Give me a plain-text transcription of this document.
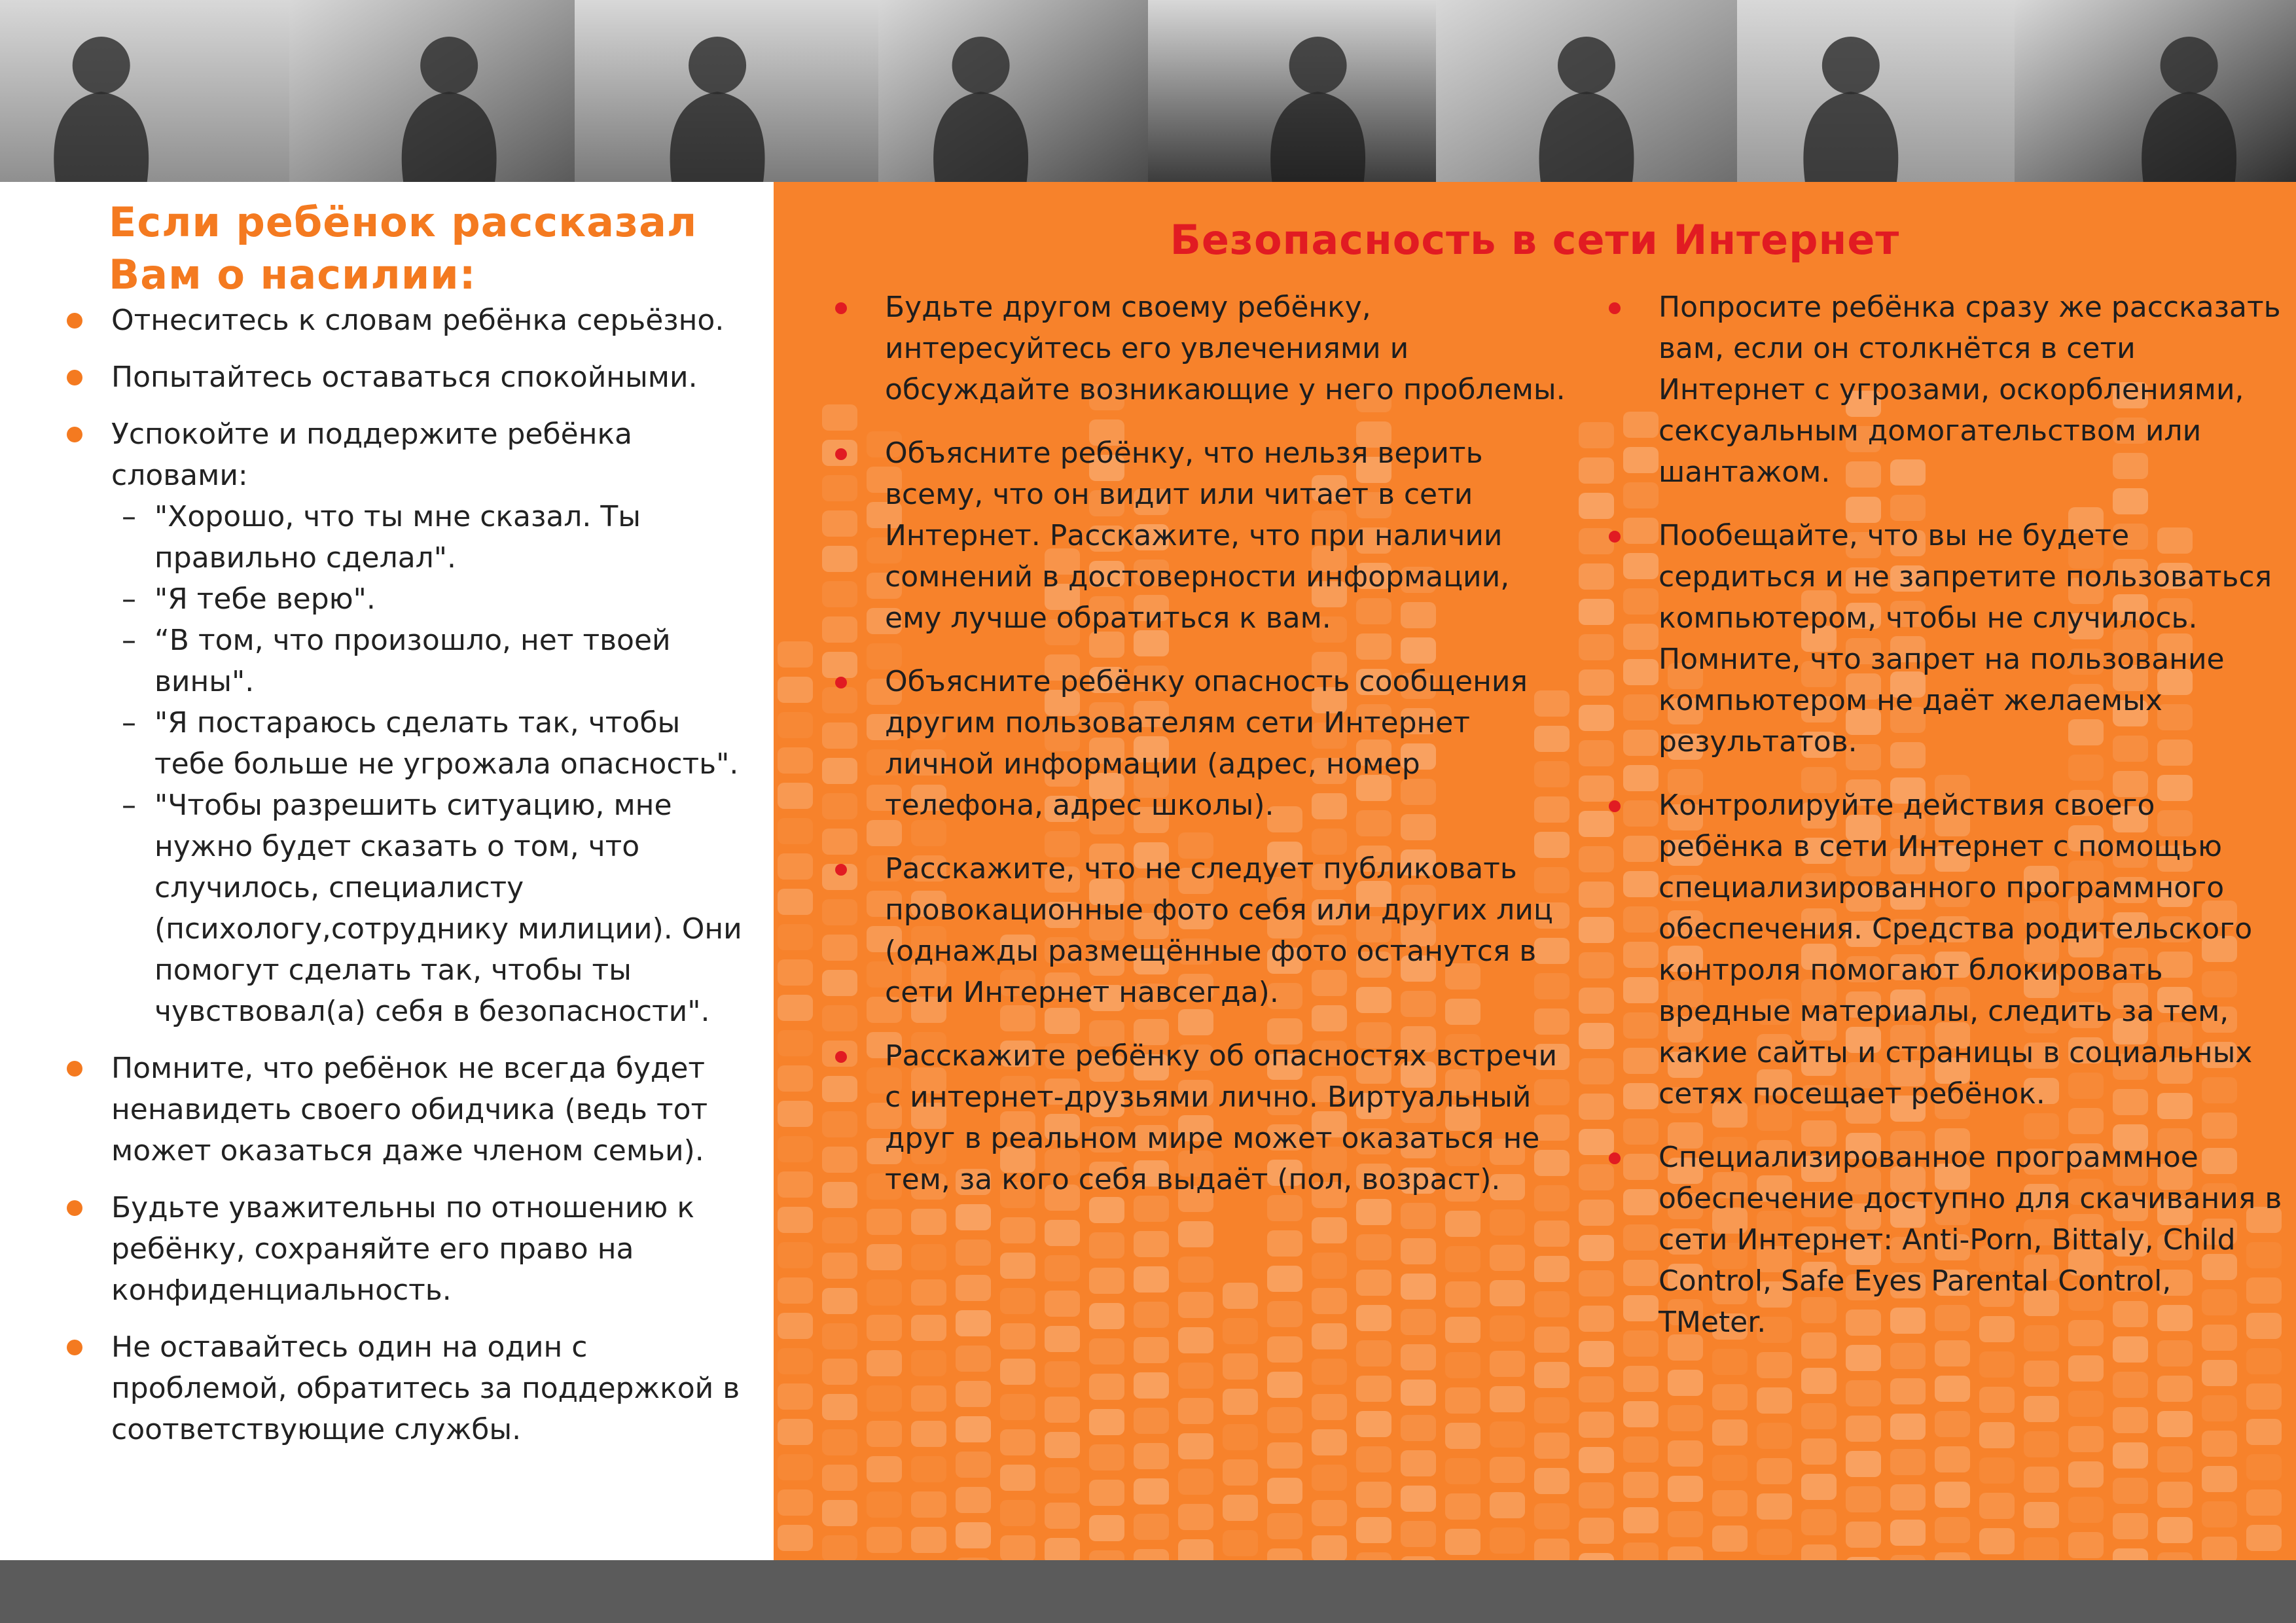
Если ребёнок рассказал
Вам о насилии:
Отнеситесь к словам ребёнка серьёзно.
Попытайтесь оставаться спокойными.
Успокойте и поддержите ребёнка словами:
– "Хорошо, что ты мне сказал. Ты правильно сделал".
– "Я тебе верю".
– “В том, что произошло, нет твоей вины".
– "Я постараюсь сделать так, чтобы тебе больше не угрожала опасность".
– "Чтобы разрешить ситуацию, мне нужно будет сказать о том, что случилось, специалисту (психологу,сотруднику милиции). Они помогут сделать так, чтобы ты чувствовал(а) себя в безопасности".
Помните, что ребёнок не всегда будет ненавидеть своего обидчика (ведь тот может оказаться даже членом семьи).
Будьте уважительны по отношению к ребёнку, сохраняйте его право на конфиденциальность.
Не оставайтесь один на один с проблемой, обратитесь за поддержкой в соответствующие службы.
Безопасность в сети Интернет
Будьте другом своему ребёнку, интересуйтесь его увлечениями и обсуждайте возникающие у него проблемы.
Объясните ребёнку, что нельзя верить всему, что он видит или читает в сети Интернет. Расскажите, что при наличии сомнений в достоверности информации, ему лучше обратиться к вам.
Объясните ребёнку опасность сообщения другим пользователям сети Интернет личной информации (адрес, номер телефона, адрес школы).
Расскажите, что не следует публиковать провокационные фото себя или других лиц (однажды размещённые фото останутся в сети Интернет навсегда).
Расскажите ребёнку об опасностях встречи с интернет-друзьями лично. Виртуальный друг в реальном мире может оказаться не тем, за кого себя выдаёт (пол, возраст).
Попросите ребёнка сразу же рассказать вам, если он столкнётся в сети Интернет с угрозами, оскорблениями, сексуальным домогательством или шантажом.
Пообещайте, что вы не будете сердиться и не запретите пользоваться компьютером, чтобы не случилось. Помните, что запрет на пользование компьютером не даёт желаемых результатов.
Контролируйте действия своего ребёнка в сети Интернет с помощью специализированного программного обеспечения. Средства родительского контроля помогают блокировать вредные материалы, следить за тем, какие сайты и страницы в социальных сетях посещает ребёнок.
Специализированное программное обеспечение доступно для скачивания в сети Интернет: Anti-Porn, Bittaly, Child Control, Safe Eyes Parental Control, TMeter.
